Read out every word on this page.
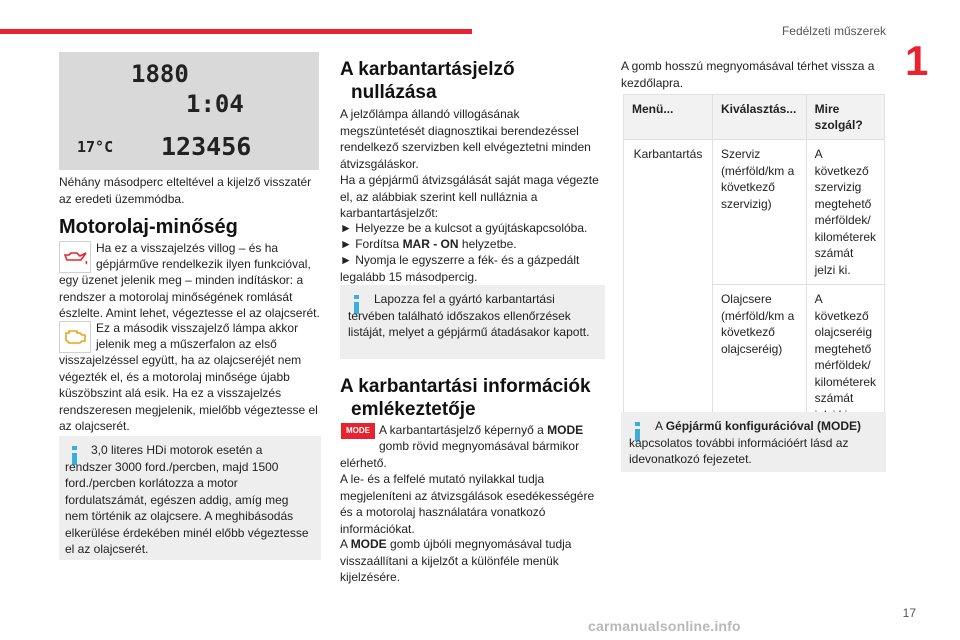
Fedélzeti műszerek
1
1880
1:04
17°C 123456

Néhány másodperc elteltével a kijelző visszatér az eredeti üzemmódba.

Motorolaj-minőség

Ha ez a visszajelzés villog – és ha

gépjárműve rendelkezik ilyen funkcióval,

egy üzenet jelenik meg – minden indításkor: a rendszer a motorolaj minőségének romlását észlelte. Amint lehet, végeztesse el az olajcserét.

Ez a második visszajelző lámpa akkor

jelenik meg a műszerfalon az első

visszajelzéssel együtt, ha az olajcseréjét nem végezték el, és a motorolaj minősége újabb küszöbszint alá esik. Ha ez a visszajelzés rendszeresen megjelenik, mielőbb végeztesse el az olajcserét.

3,0 literes HDi motorok esetén a rendszer 3000 ford./percben, majd 1500 ford./percben korlátozza a motor fordulatszámát, egészen addig, amíg meg nem történik az olajcsere. A meghibásodás elkerülése érdekében minél előbb végeztesse el az olajcserét.

A karbantartásjelző
nullázása

A jelzőlámpa állandó villogásának megszüntetését diagnosztikai berendezéssel rendelkező szervizben kell elvégeztetni minden átvizsgáláskor.

Ha a gépjármű átvizsgálását saját maga végezte el, az alábbiak szerint kell nulláznia a karbantartásjelzőt:

► Helyezze be a kulcsot a gyújtáskapcsolóba.

► Fordítsa MAR - ON helyzetbe.

► Nyomja le egyszerre a fék- és a gázpedált legalább 15 másodpercig.

Lapozza fel a gyártó karbantartási tervében található időszakos ellenőrzések listáját, melyet a gépjármű átadásakor kapott.

A karbantartási információk
emlékeztetője
MODE A karbantartásjelző képernyő a MODE

gomb rövid megnyomásával bármikor elérhető.

A le- és a felfelé mutató nyilakkal tudja megjeleníteni az átvizsgálások esedékességére és a motorolaj használatára vonatkozó információkat.

A MODE gomb újbóli megnyomásával tudja visszaállítani a kijelzőt a különféle menük kijelzésére.

A gomb hosszú megnyomásával térhet vissza a kezdőlapra.

Menü...	Kiválasztás...	Mire szolgál?
Karbantartás	Szerviz (mérföld/km a következő szervizig)	A következő szervizig megtehető mérföldek/ kilométerek számát jelzi ki.
	Olajcsere (mérföld/km a következő olajcseréig)	A következő olajcseréig megtehető mérföldek/ kilométerek számát

A Gépjármű konfigurációval (MODE) kapcsolatos további információért lásd az idevonatkozó fejezetet.

17
carmanualsonline.info
